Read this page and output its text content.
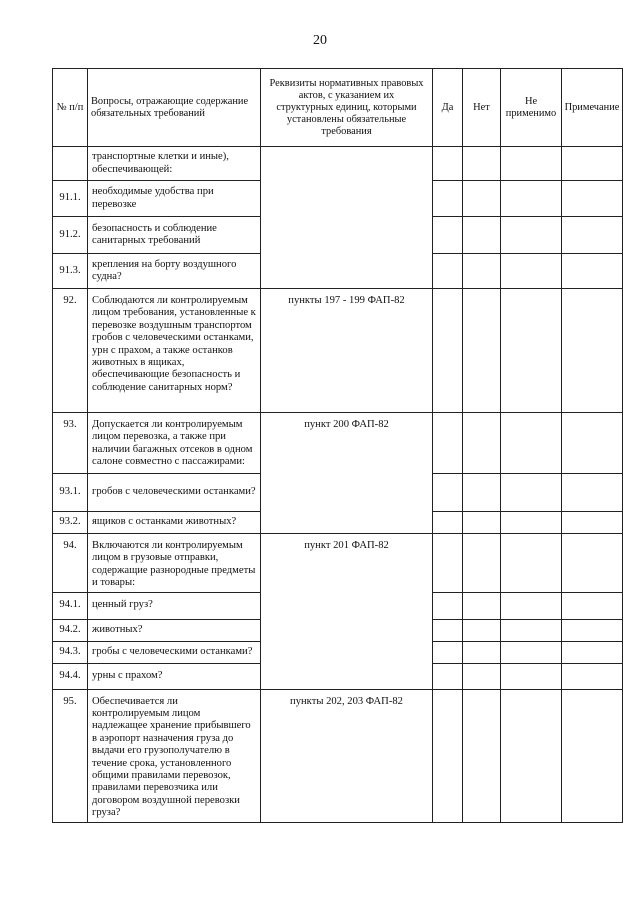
20
№ п/п	Вопросы, отражающие содержание обязательных требований	Реквизиты нормативных правовых актов, с указанием их структурных единиц, которыми установлены обязательные требования	Да	Нет	Не применимо	Примечание
	транспортные клетки и иные), обеспечивающей:					
91.1.	необходимые удобства при перевозке					
91.2.	безопасность и соблюдение санитарных требований					
91.3.	крепления на борту воздушного судна?					
92.	Соблюдаются ли контролируемым лицом требования, установленные к перевозке воздушным транспортом гробов с человеческими останками, урн с прахом, а также останков животных в ящиках, обеспечивающие безопасность и соблюдение санитарных норм?	пункты 197 - 199 ФАП-82				
93.	Допускается ли контролируемым лицом перевозка, а также при наличии багажных отсеков в одном салоне совместно с пассажирами:	пункт 200 ФАП-82				
93.1.	гробов с человеческими останками?					
93.2.	ящиков с останками животных?					
94.	Включаются ли контролируемым лицом в грузовые отправки, содержащие разнородные предметы и товары:	пункт 201 ФАП-82				
94.1.	ценный груз?					
94.2.	животных?					
94.3.	гробы с человеческими останками?					
94.4.	урны с прахом?					
95.	Обеспечивается ли контролируемым лицом надлежащее хранение прибывшего в аэропорт назначения груза до выдачи его грузополучателю в течение срока, установленного общими правилами перевозок, правилами перевозчика или договором воздушной перевозки груза?	пункты 202, 203 ФАП-82				
